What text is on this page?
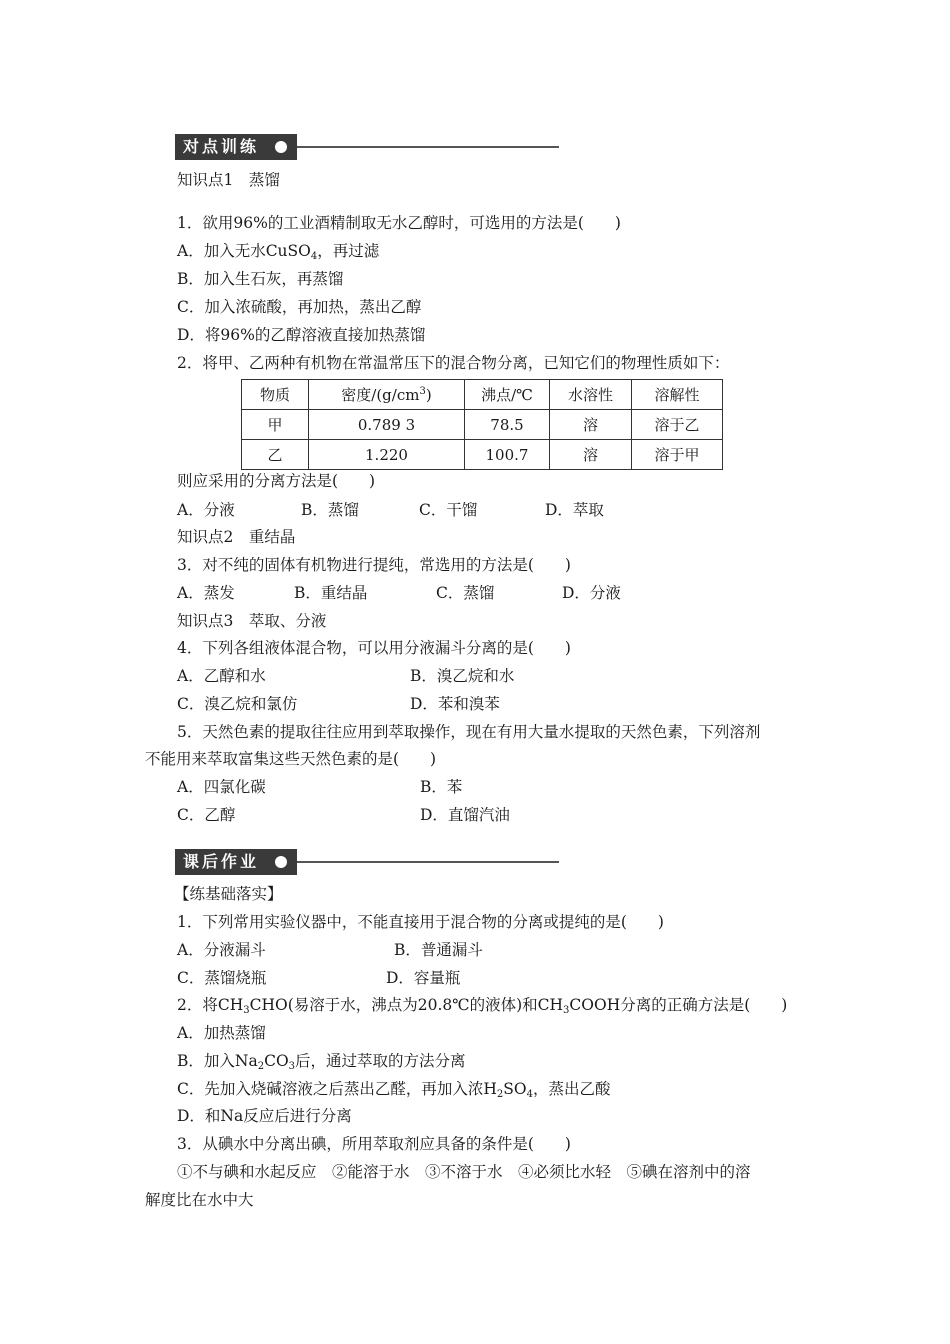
对点训练
知识点1　蒸馏
1．欲用96%的工业酒精制取无水乙醇时，可选用的方法是(　　)
A．加入无水CuSO$_4$，再过滤
B．加入生石灰，再蒸馏
C．加入浓硫酸，再加热，蒸出乙醇
D．将96%的乙醇溶液直接加热蒸馏
2．将甲、乙两种有机物在常温常压下的混合物分离，已知它们的物理性质如下：
物质	密度$/(g/cm^3)$	沸点/℃	水溶性	溶解性
甲	0.789 3	78.5	溶	溶于乙
乙	1.220	100.7	溶	溶于甲
则应采用的分离方法是(　　)
A．分液	B．蒸馏	C．干馏	D．萃取
知识点2　重结晶
3．对不纯的固体有机物进行提纯，常选用的方法是(　　)
A．蒸发	B．重结晶	C．蒸馏	D．分液
知识点3　萃取、分液
4．下列各组液体混合物，可以用分液漏斗分离的是(　　)
A．乙醇和水	B．溴乙烷和水
C．溴乙烷和氯仿	D．苯和溴苯
5．天然色素的提取往往应用到萃取操作，现在有用大量水提取的天然色素，下列溶剂
不能用来萃取富集这些天然色素的是(　　)
A．四氯化碳	B．苯
C．乙醇	D．直馏汽油
课后作业
【练基础落实】
1．下列常用实验仪器中，不能直接用于混合物的分离或提纯的是(　　)
A．分液漏斗	B．普通漏斗
C．蒸馏烧瓶	D．容量瓶
2．将$CH_3CHO$(易溶于水，沸点为20.8℃的液体)和$CH_3COOH$分离的正确方法是(　　)
A．加热蒸馏
B．加入$Na_2CO_3$后，通过萃取的方法分离
C．先加入烧碱溶液之后蒸出乙醛，再加入浓$H_2SO_4$，蒸出乙酸
D．和Na反应后进行分离
3．从碘水中分离出碘，所用萃取剂应具备的条件是(　　)
①不与碘和水起反应　②能溶于水　③不溶于水　④必须比水轻　⑤碘在溶剂中的溶
解度比在水中大
